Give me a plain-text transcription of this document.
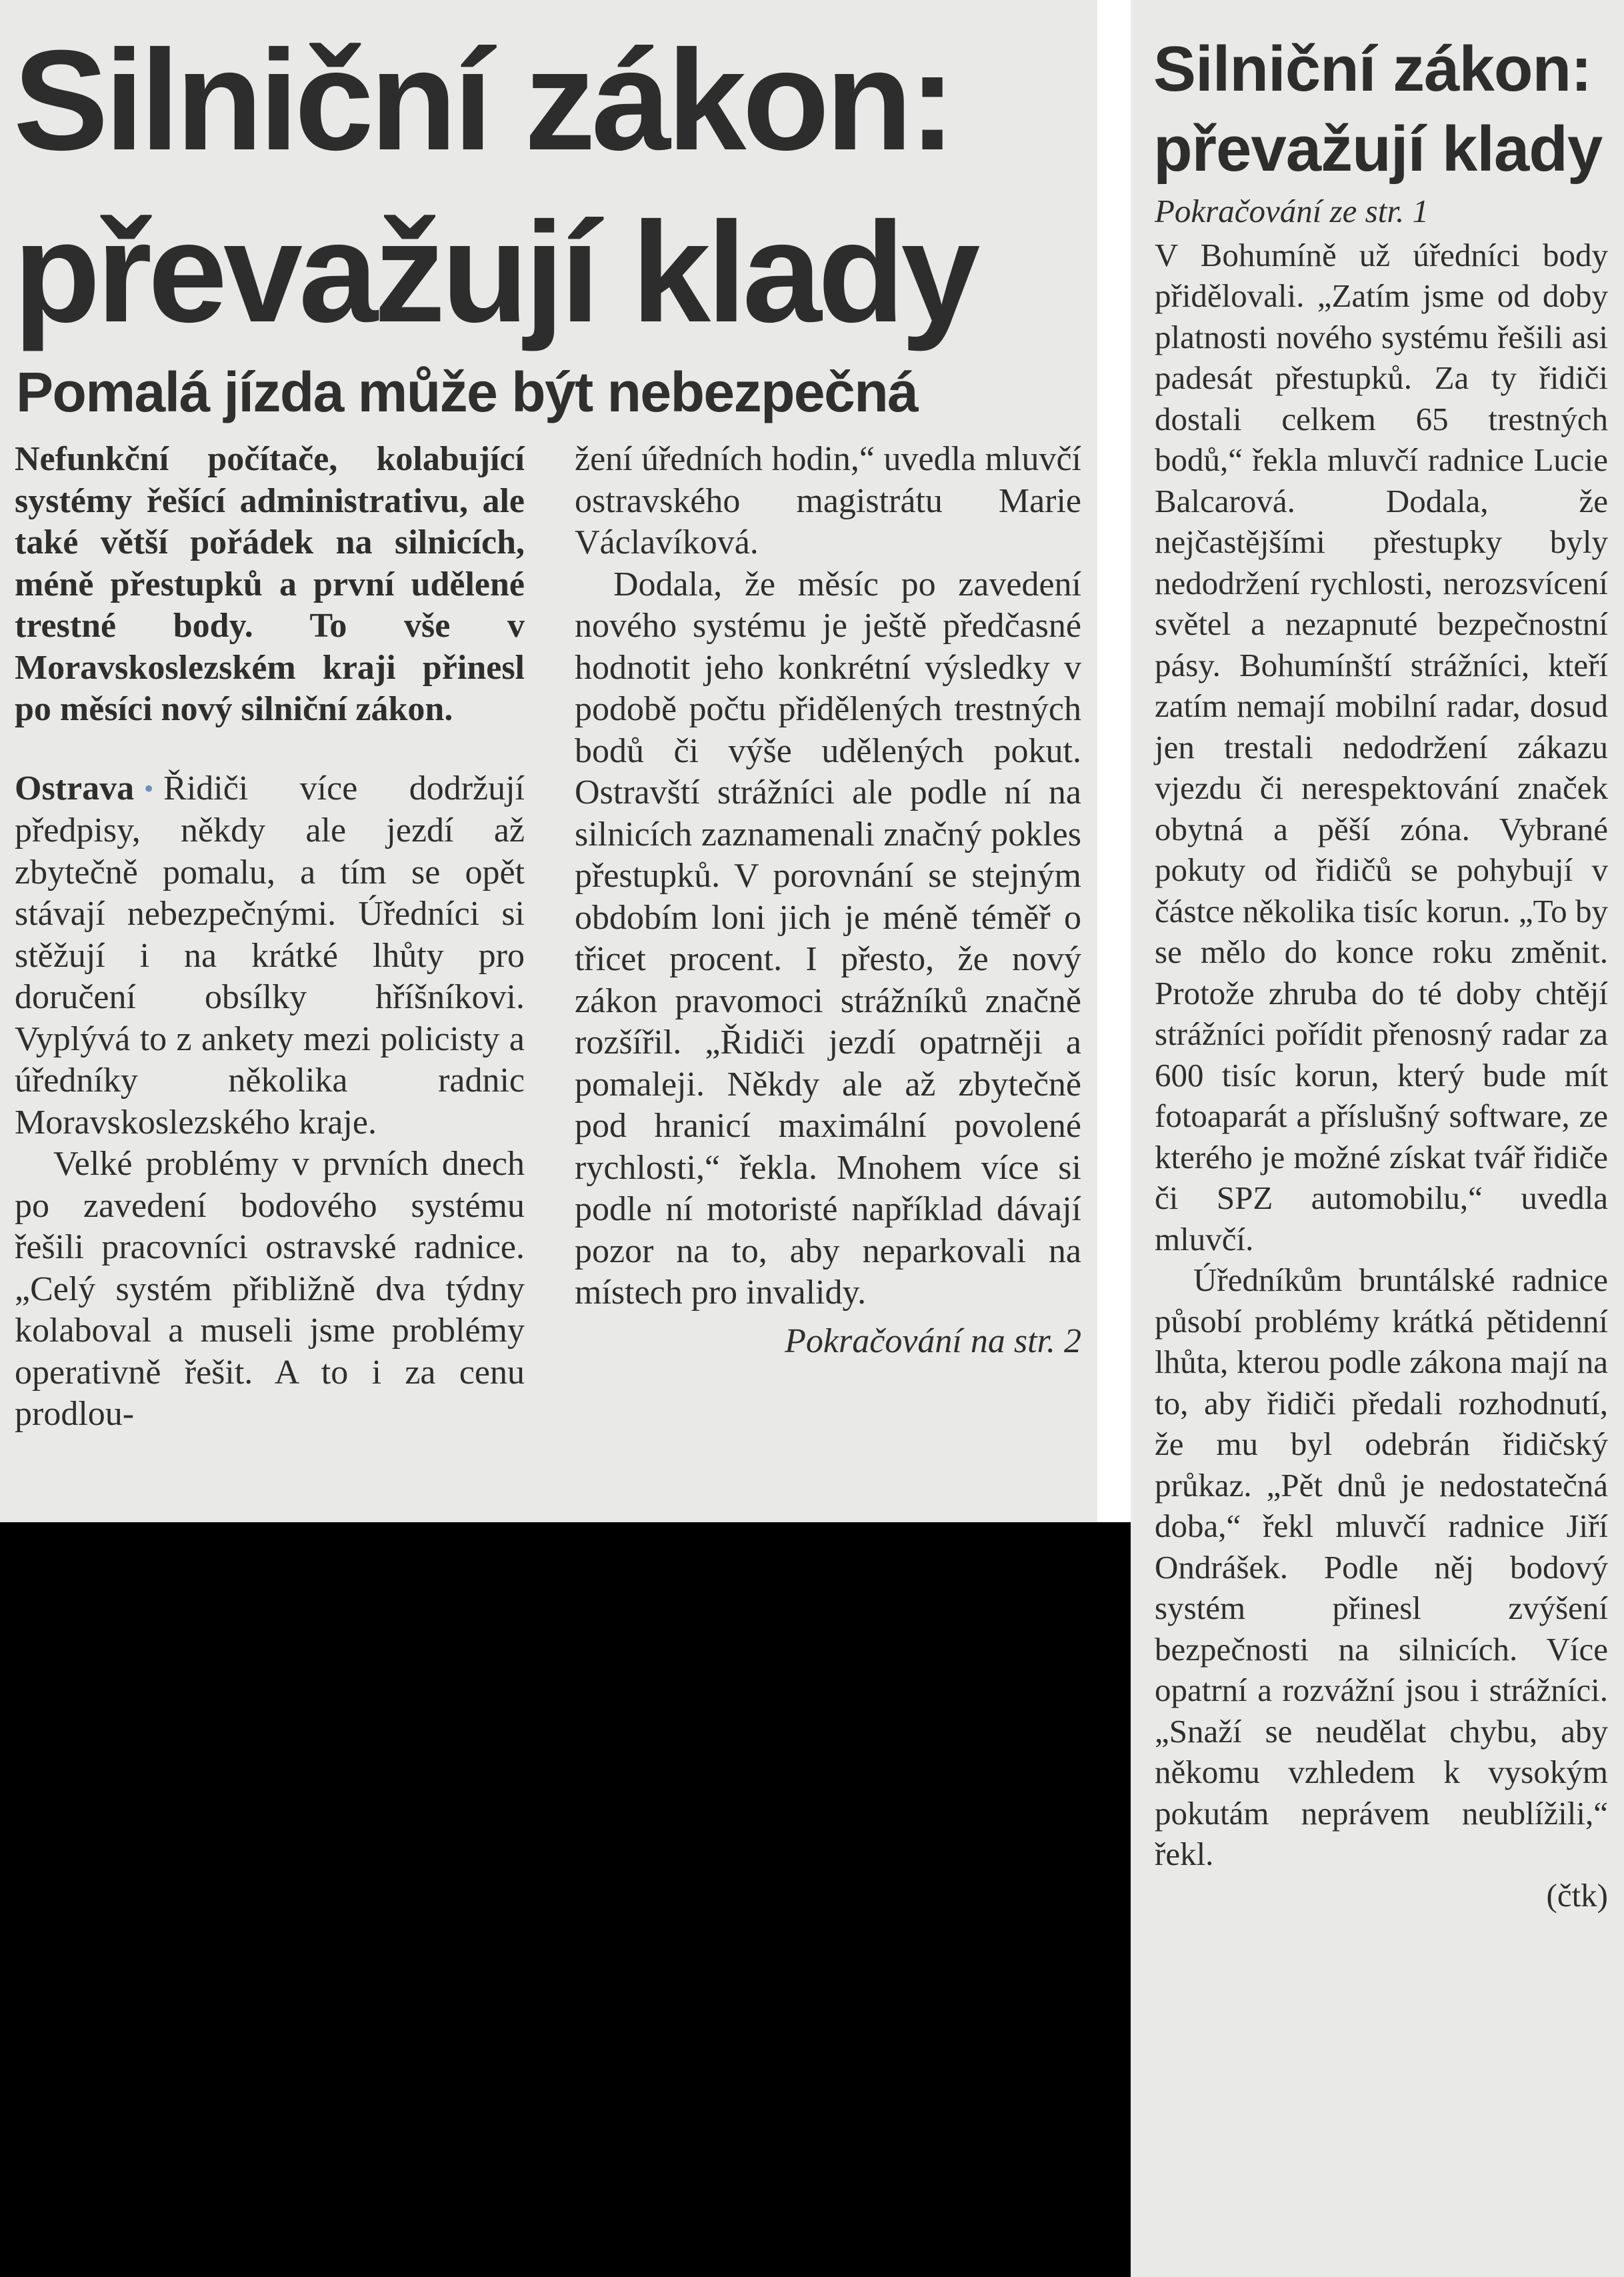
Silniční zákon: převažují klady
Pomalá jízda může být nebezpečná

Nefunkční počítače, kolabující systémy řešící administrativu, ale také větší pořádek na silnicích, méně přestupků a první udělené trestné body. To vše v Moravskoslezském kraji přinesl po měsíci nový silniční zákon.

Ostrava • Řidiči více dodržují předpisy, někdy ale jezdí až zbytečně pomalu, a tím se opět stávají nebezpečnými. Úředníci si stěžují i na krátké lhůty pro doručení obsílky hříšníkovi. Vyplývá to z ankety mezi policisty a úředníky několika radnic Moravskoslezského kraje.

Velké problémy v prvních dnech po zavedení bodového systému řešili pracovníci ostravské radnice. „Celý systém přibližně dva týdny kolaboval a museli jsme problémy operativně řešit. A to i za cenu prodlou-

žení úředních hodin,“ uvedla mluvčí ostravského magistrátu Marie Václavíková.

Dodala, že měsíc po zavedení nového systému je ještě předčasné hodnotit jeho konkrétní výsledky v podobě počtu přidělených trestných bodů či výše udělených pokut. Ostravští strážníci ale podle ní na silnicích zaznamenali značný pokles přestupků. V porovnání se stejným obdobím loni jich je méně téměř o třicet procent. I přesto, že nový zákon pravomoci strážníků značně rozšířil. „Řidiči jezdí opatrněji a pomaleji. Někdy ale až zbytečně pod hranicí maximální povolené rychlosti,“ řekla. Mnohem více si podle ní motoristé například dávají pozor na to, aby neparkovali na místech pro invalidy.

Pokračování na str. 2

Silniční zákon: převažují klady

Pokračování ze str. 1

V Bohumíně už úředníci body přidělovali. „Zatím jsme od doby platnosti nového systému řešili asi padesát přestupků. Za ty řidiči dostali celkem 65 trestných bodů,“ řekla mluvčí radnice Lucie Balcarová. Dodala, že nejčastějšími přestupky byly nedodržení rychlosti, nerozsvícení světel a nezapnuté bezpečnostní pásy. Bohumínští strážníci, kteří zatím nemají mobilní radar, dosud jen trestali nedodržení zákazu vjezdu či nerespektování značek obytná a pěší zóna. Vybrané pokuty od řidičů se pohybují v částce několika tisíc korun. „To by se mělo do konce roku změnit. Protože zhruba do té doby chtějí strážníci pořídit přenosný radar za 600 tisíc korun, který bude mít fotoaparát a příslušný software, ze kterého je možné získat tvář řidiče či SPZ automobilu,“ uvedla mluvčí.

Úředníkům bruntálské radnice působí problémy krátká pětidenní lhůta, kterou podle zákona mají na to, aby řidiči předali rozhodnutí, že mu byl odebrán řidičský průkaz. „Pět dnů je nedostatečná doba,“ řekl mluvčí radnice Jiří Ondrášek. Podle něj bodový systém přinesl zvýšení bezpečnosti na silnicích. Více opatrní a rozvážní jsou i strážníci. „Snaží se neudělat chybu, aby někomu vzhledem k vysokým pokutám neprávem neublížili,“ řekl.

(čtk)
